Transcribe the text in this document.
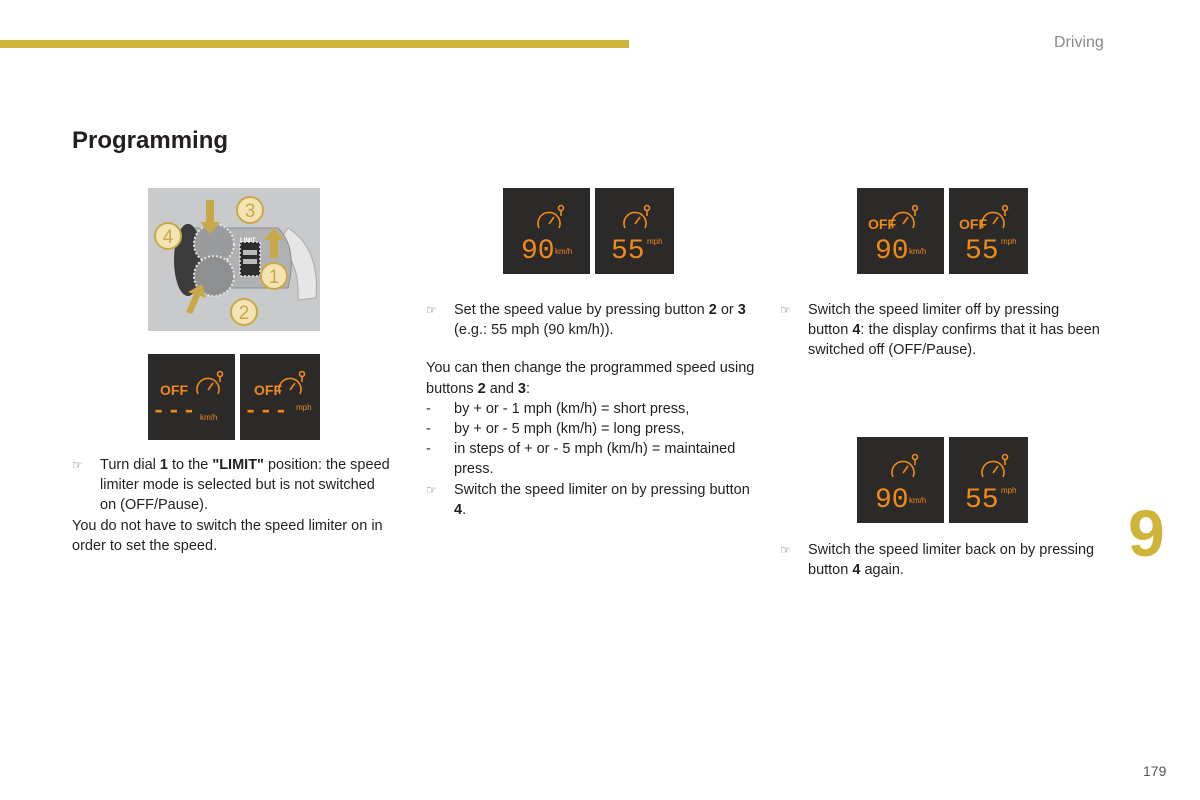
Driving
Programming
9
179
LIMIT
3
4
1
2
OFF
--- km/h
OFF
--- mph
☞ Turn dial 1 to the "LIMIT" position: the speed limiter mode is selected but is not switched on (OFF/Pause).
You do not have to switch the speed limiter on in order to set the speed.
90 km/h 55 mph
☞ Set the speed value by pressing button 2 or 3 (e.g.: 55 mph (90 km/h)).
You can then change the programmed speed using buttons 2 and 3:
- by + or - 1 mph (km/h) = short press,
- by + or - 5 mph (km/h) = long press,
- in steps of + or - 5 mph (km/h) = maintained press.
☞ Switch the speed limiter on by pressing button 4.
OFF
90 km/h
OFF
55 mph
☞ Switch the speed limiter off by pressing button 4: the display confirms that it has been switched off (OFF/Pause).
90 km/h 55 mph
☞ Switch the speed limiter back on by pressing button 4 again.
